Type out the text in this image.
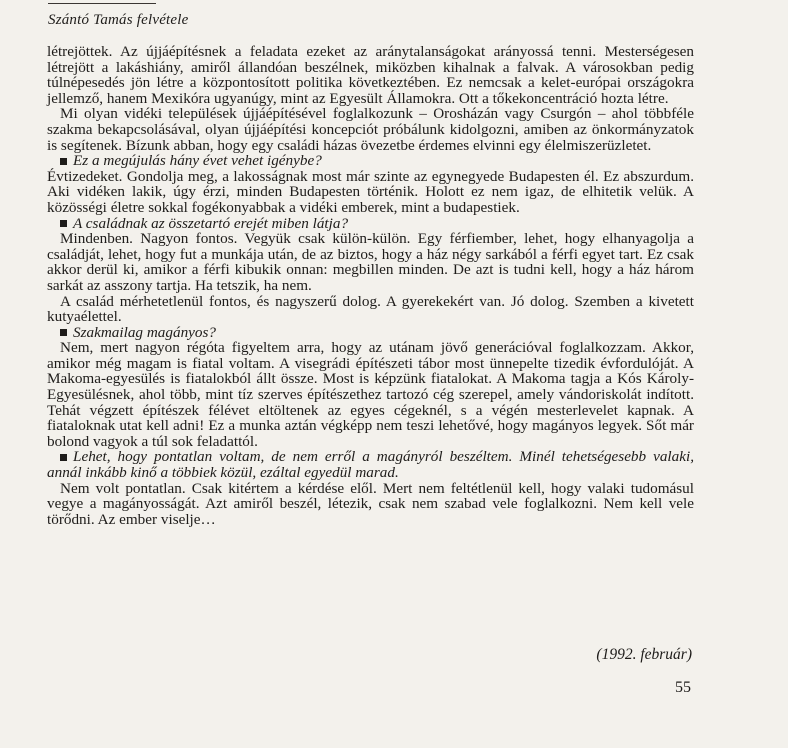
Szántó Tamás felvétele

létrejöttek. Az újjáépítésnek a feladata ezeket az aránytalanságokat arányossá tenni. Mesterségesen létrejött a lakáshiány, amiről állandóan beszélnek, miközben kihalnak a falvak. A városokban pedig túlnépesedés jön létre a központosított politika következtében. Ez nemcsak a kelet-európai országokra jellemző, hanem Mexikóra ugyanúgy, mint az Egyesült Államokra. Ott a tőkekoncentráció hozta létre.

Mi olyan vidéki települések újjáépítésével foglalkozunk – Orosházán vagy Csurgón – ahol többféle szakma bekapcsolásával, olyan újjáépítési koncepciót próbálunk kidolgozni, amiben az önkormányzatok is segítenek. Bízunk abban, hogy egy családi házas övezetbe érdemes elvinni egy élelmiszerüzletet.

Ez a megújulás hány évet vehet igénybe?

Évtizedeket. Gondolja meg, a lakosságnak most már szinte az egynegyede Budapesten él. Ez abszurdum. Aki vidéken lakik, úgy érzi, minden Budapesten történik. Holott ez nem igaz, de elhitetik velük. A közösségi életre sokkal fogékonyabbak a vidéki emberek, mint a budapestiek.

A családnak az összetartó erejét miben látja?

Mindenben. Nagyon fontos. Vegyük csak külön-külön. Egy férfiember, lehet, hogy elhanyagolja a családját, lehet, hogy fut a munkája után, de az biztos, hogy a ház négy sarkából a férfi egyet tart. Ez csak akkor derül ki, amikor a férfi kibukik onnan: megbillen minden. De azt is tudni kell, hogy a ház három sarkát az asszony tartja. Ha tetszik, ha nem.

A család mérhetetlenül fontos, és nagyszerű dolog. A gyerekekért van. Jó dolog. Szemben a kivetett kutyaélettel.

Szakmailag magányos?

Nem, mert nagyon régóta figyeltem arra, hogy az utánam jövő generációval foglalkozzam. Akkor, amikor még magam is fiatal voltam. A visegrádi építészeti tábor most ünnepelte tizedik évfordulóját. A Makoma-egyesülés is fiatalokból állt össze. Most is képzünk fiatalokat. A Makoma tagja a Kós Károly-Egyesülésnek, ahol több, mint tíz szerves építészethez tartozó cég szerepel, amely vándoriskolát indított. Tehát végzett építészek félévet eltöltenek az egyes cégeknél, s a végén mesterlevelet kapnak. A fiataloknak utat kell adni! Ez a munka aztán végképp nem teszi lehetővé, hogy magányos legyek. Sőt már bolond vagyok a túl sok feladattól.

Lehet, hogy pontatlan voltam, de nem erről a magányról beszéltem. Minél tehetségesebb valaki, annál inkább kinő a többiek közül, ezáltal egyedül marad.

Nem volt pontatlan. Csak kitértem a kérdése elől. Mert nem feltétlenül kell, hogy valaki tudomásul vegye a magányosságát. Azt amiről beszél, létezik, csak nem szabad vele foglalkozni. Nem kell vele törődni. Az ember viselje…

(1992. február)
55
